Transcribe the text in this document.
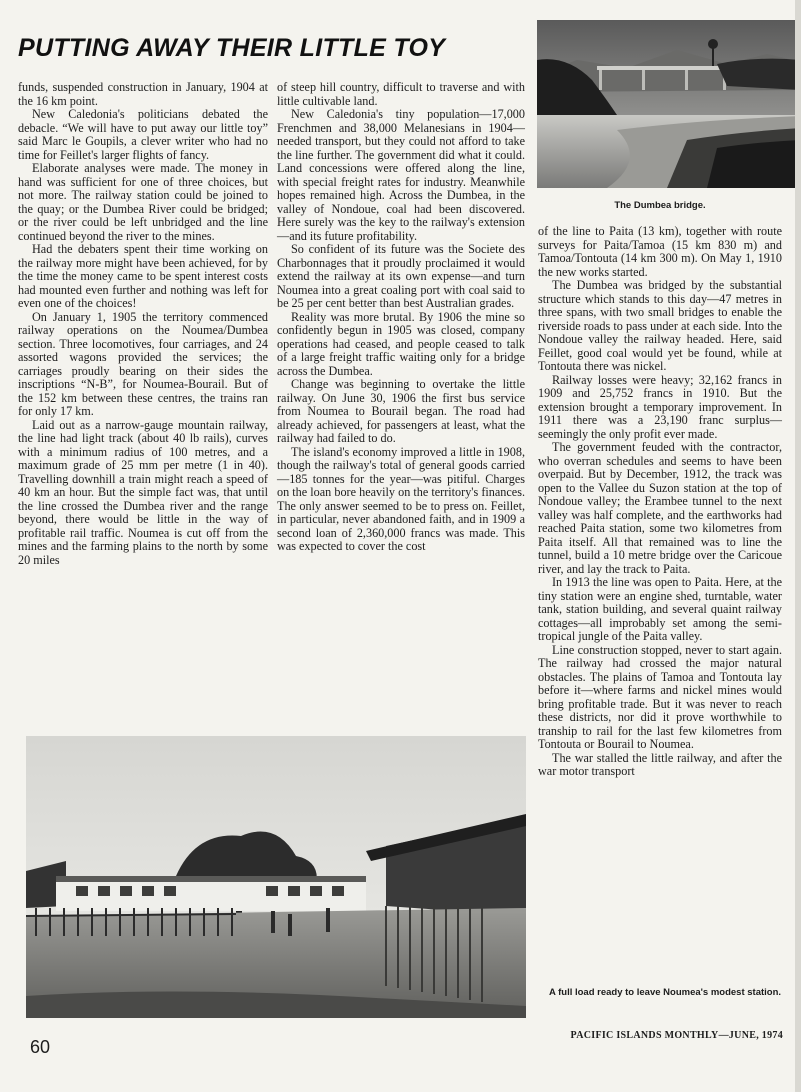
PUTTING AWAY THEIR LITTLE TOY

funds, suspended construction in January, 1904 at the 16 km point.

New Caledonia's politicians debated the debacle. “We will have to put away our little toy” said Marc le Goupils, a clever writer who had no time for Feillet's larger flights of fancy.

Elaborate analyses were made. The money in hand was sufficient for one of three choices, but not more. The railway station could be joined to the quay; or the Dumbea River could be bridged; or the river could be left unbridged and the line continued beyond the river to the mines.

Had the debaters spent their time working on the railway more might have been achieved, for by the time the money came to be spent interest costs had mounted even further and nothing was left for even one of the choices!

On January 1, 1905 the territory commenced railway operations on the Noumea/Dumbea section. Three locomotives, four carriages, and 24 assorted wagons provided the services; the carriages proudly bearing on their sides the inscriptions “N-B”, for Noumea-Bourail. But of the 152 km between these centres, the trains ran for only 17 km.

Laid out as a narrow-gauge mountain railway, the line had light track (about 40 lb rails), curves with a minimum radius of 100 metres, and a maximum grade of 25 mm per metre (1 in 40). Travelling downhill a train might reach a speed of 40 km an hour. But the simple fact was, that until the line crossed the Dumbea river and the range beyond, there would be little in the way of profitable rail traffic. Noumea is cut off from the mines and the farming plains to the north by some 20 miles

of steep hill country, difficult to traverse and with little cultivable land.

New Caledonia's tiny population—17,000 Frenchmen and 38,000 Melanesians in 1904—needed transport, but they could not afford to take the line further. The government did what it could. Land concessions were offered along the line, with special freight rates for industry. Meanwhile hopes remained high. Across the Dumbea, in the valley of Nondoue, coal had been discovered. Here surely was the key to the railway's extension—and its future profitability.

So confident of its future was the Societe des Charbonnages that it proudly proclaimed it would extend the railway at its own expense—and turn Noumea into a great coaling port with coal said to be 25 per cent better than best Australian grades.

Reality was more brutal. By 1906 the mine so confidently begun in 1905 was closed, company operations had ceased, and people ceased to talk of a large freight traffic waiting only for a bridge across the Dumbea.

Change was beginning to overtake the little railway. On June 30, 1906 the first bus service from Noumea to Bourail began. The road had already achieved, for passengers at least, what the railway had failed to do.

The island's economy improved a little in 1908, though the railway's total of general goods carried—185 tonnes for the year—was pitiful. Charges on the loan bore heavily on the territory's finances. The only answer seemed to be to press on. Feillet, in particular, never abandoned faith, and in 1909 a second loan of 2,360,000 francs was made. This was expected to cover the cost

of the line to Paita (13 km), together with route surveys for Paita/Tamoa (15 km 830 m) and Tamoa/Tontouta (14 km 300 m). On May 1, 1910 the new works started.

The Dumbea was bridged by the substantial structure which stands to this day—47 metres in three spans, with two small bridges to enable the riverside roads to pass under at each side. Into the Nondoue valley the railway headed. Here, said Feillet, good coal would yet be found, while at Tontouta there was nickel.

Railway losses were heavy; 32,162 francs in 1909 and 25,752 francs in 1910. But the extension brought a temporary improvement. In 1911 there was a 23,190 franc surplus—seemingly the only profit ever made.

The government feuded with the contractor, who overran schedules and seems to have been overpaid. But by December, 1912, the track was open to the Vallee du Suzon station at the top of Nondoue valley; the Erambee tunnel to the next valley was half complete, and the earthworks had reached Paita station, some two kilometres from Paita itself. All that remained was to line the tunnel, build a 10 metre bridge over the Caricoue river, and lay the track to Paita.

In 1913 the line was open to Paita. Here, at the tiny station were an engine shed, turntable, water tank, station building, and several quaint railway cottages—all improbably set among the semi-tropical jungle of the Paita valley.

Line construction stopped, never to start again. The railway had crossed the major natural obstacles. The plains of Tamoa and Tontouta lay before it—where farms and nickel mines would bring profitable trade. But it was never to reach these districts, nor did it prove worthwhile to tranship to rail for the last few kilometres from Tontouta or Bourail to Noumea.

The war stalled the little railway, and after the war motor transport

The Dumbea bridge.
A full load ready to leave Noumea's modest station.
60
PACIFIC ISLANDS MONTHLY—JUNE, 1974
